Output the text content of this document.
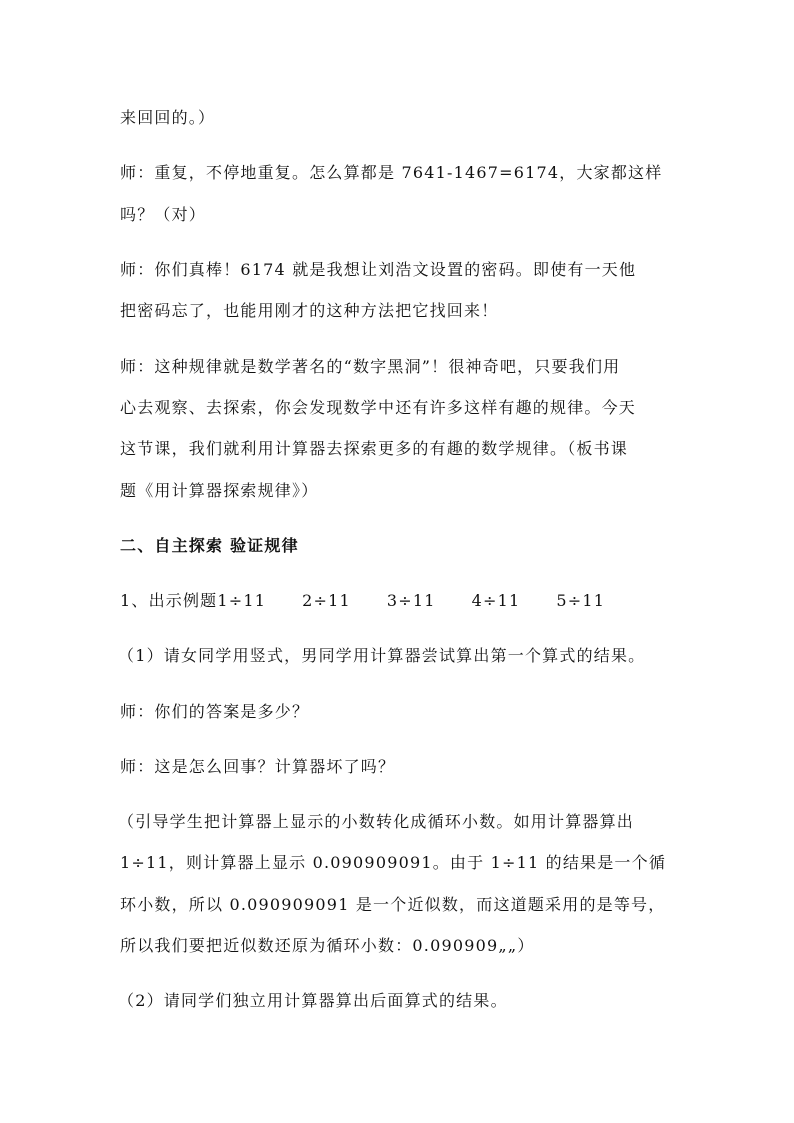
来回回的。）
师：重复，不停地重复。怎么算都是 7641-1467=6174，大家都这样
吗？（对）
师：你们真棒！6174 就是我想让刘浩文设置的密码。即使有一天他
把密码忘了，也能用刚才的这种方法把它找回来！
师：这种规律就是数学著名的“数字黑洞”！很神奇吧，只要我们用
心去观察、去探索，你会发现数学中还有许多这样有趣的规律。今天
这节课，我们就利用计算器去探索更多的有趣的数学规律。（板书课
题《用计算器探索规律》）
二、自主探索 验证规律
1、出示例题1÷11 2÷11 3÷11 4÷11 5÷11
（1）请女同学用竖式，男同学用计算器尝试算出第一个算式的结果。
师：你们的答案是多少？
师：这是怎么回事？计算器坏了吗？
（引导学生把计算器上显示的小数转化成循环小数。如用计算器算出
1÷11，则计算器上显示 0.090909091。由于 1÷11 的结果是一个循
环小数，所以 0.090909091 是一个近似数，而这道题采用的是等号，
所以我们要把近似数还原为循环小数：0.090909„„）
（2）请同学们独立用计算器算出后面算式的结果。
